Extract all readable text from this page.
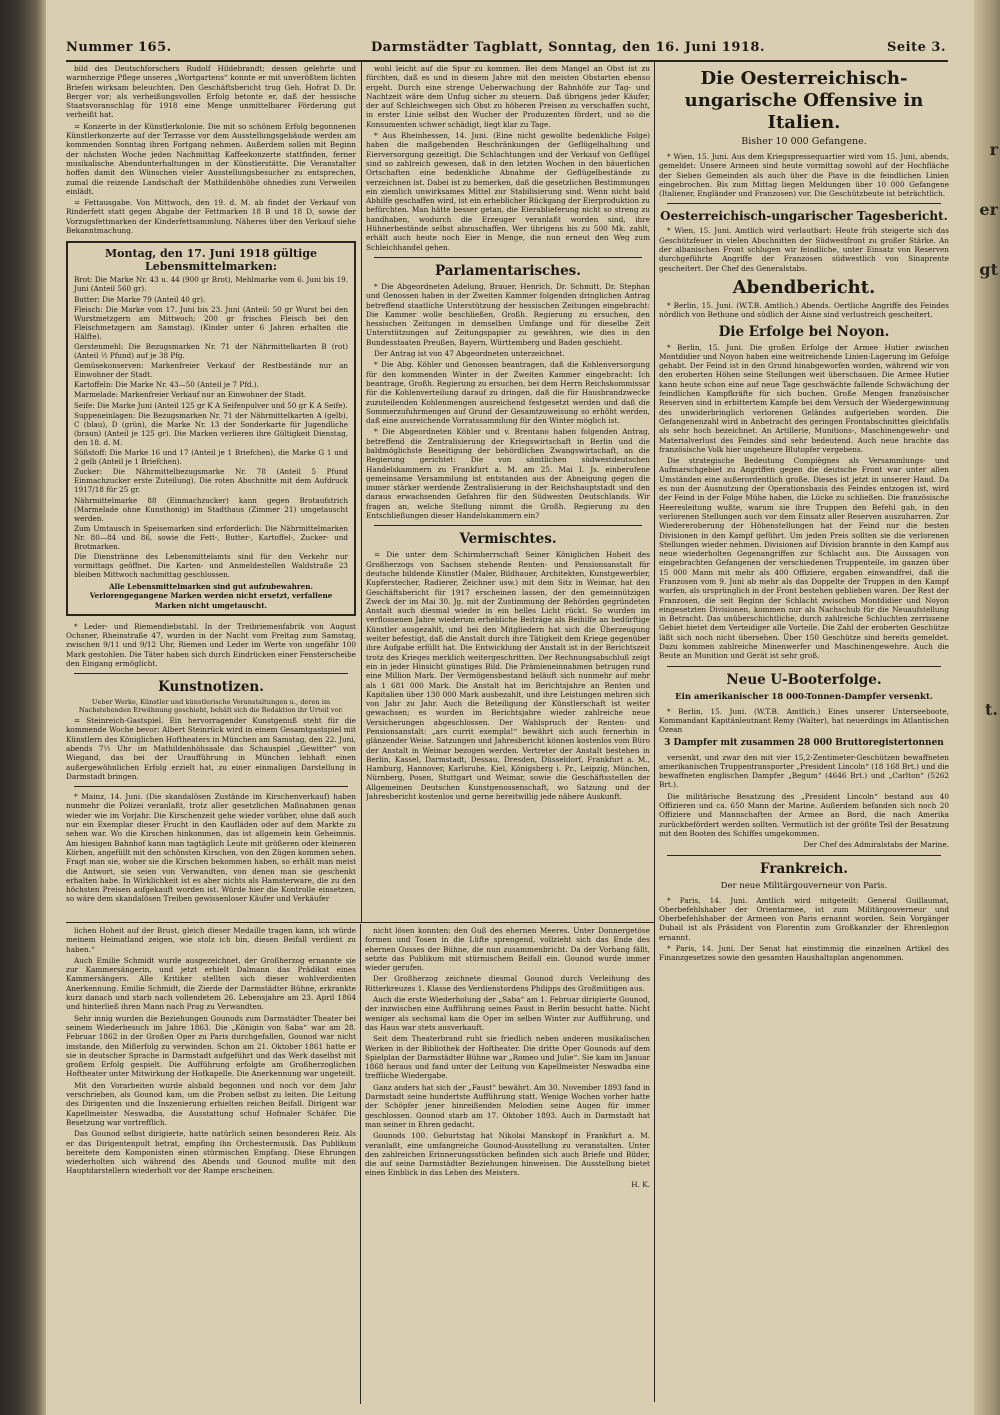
r
er
gt
t.
Nummer 165.	Darmstädter Tagblatt, Sonntag, den 16. Juni 1918.	Seite 3.

bild des Deutschforschers Rudolf Hildebrandt; dessen gelehrte und warmherzige Pflege unseres „Wortgartens“ konnte er mit unverößtem lichten Briefen wirksam beleuchten. Den Geschäftsbericht trug Geh. Hofrat D. Dr. Berger vor; als verheißungsvollen Erfolg betonte er, daß der hessische Staatsvoranschlag für 1918 eine Menge unmittelbarer Förderung gut verheißt hat.

= Konzerte in der Künstlerkolonie. Die mit so schönem Erfolg begonnenen Künstlerkonzerte auf der Terrasse vor dem Ausstellungsgebäude werden am kommenden Sonntag ihren Fortgang nehmen. Außerdem sollen mit Beginn der nächsten Woche jeden Nachmittag Kaffeekonzerte stattfinden, ferner musikalische Abendunterhaltungen in der Künstlerstätte. Die Veranstalter hoffen damit den Wünschen vieler Ausstellungsbesucher zu entsprechen, zumal die reizende Landschaft der Mathildenhöhe ohnedies zum Verweilen einlädt.

= Fettausgabe. Von Mittwoch, den 19. d. M. ab findet der Verkauf von Rinderfett statt gegen Abgabe der Fettmarken 18 B und 18 D, sowie der Vorzugsfettmarken der Kinderfettsammlung. Näheres über den Verkauf siehe Bekanntmachung.

Montag, den 17. Juni 1918 gültige Lebensmittelmarken:
Brot: Die Marke Nr. 43 u. 44 (900 gr Brot), Mehlmarke vom 6. Juni bis 19. Juni (Anteil 560 gr).
Butter: Die Marke 79 (Anteil 40 gr).
Fleisch: Die Marke vom 17. Juni bis 23. Juni (Anteil: 50 gr Wurst bei den Wurstmetzgern am Mittwoch; 200 gr frisches Fleisch bei den Fleischmetzgern am Samstag). (Kinder unter 6 Jahren erhalten die Hälfte).
Gerstenmehl: Die Bezugsmarken Nr. 71 der Nährmittelkarten B (rot) (Anteil ½ Pfund) auf je 38 Pfg.
Gemüsekonserven: Markenfreier Verkauf der Restbestände nur an Einwohner der Stadt.
Kartoffeln: Die Marke Nr. 43—50 (Anteil je 7 Pfd.).
Marmelade: Markenfreier Verkauf nur an Einwohner der Stadt.
Seife: Die Marke Juni (Anteil 125 gr K A Seifenpulver und 50 gr K A Seife).
Suppeneinlagen: Die Bezugsmarken Nr. 71 der Nährmittelkarten A (gelb), C (blau), D (grün), die Marke Nr. 13 der Sonderkarte für Jugendliche (braun) (Anteil je 125 gr). Die Marken verlieren ihre Gültigkeit Dienstag, den 18. d. M.
Süßstoff: Die Marke 16 und 17 (Anteil je 1 Briefchen), die Marke G 1 und 2 gelb (Anteil je 1 Briefchen).
Zucker: Die Nährmittelbezugsmarke Nr. 78 (Anteil 5 Pfund Einmachzucker erste Zuteilung). Die roten Abschnitte mit dem Aufdruck 1917/18 für 25 gr.
Nährmittelmarke 88 (Einmachzucker) kann gegen Brotaufstrich (Marmelade ohne Kunsthonig) im Stadthaus (Zimmer 21) umgetauscht werden.
Zum Umtausch in Speisemarken sind erforderlich: Die Nährmittelmarken Nr. 80—84 und 86, sowie die Fett-, Butter-, Kartoffel-, Zucker- und Brotmarken.
Die Dienstränne des Lebensmittelamts sind für den Verkehr nur vormittags geöffnet. Die Karten- und Anmeldestellen Waldstraße 23 bleiben Mittwoch nachmittag geschlossen.
Alle Lebensmittelmarken sind gut aufzubewahren. Verlorengegangene Marken werden nicht ersetzt, verfallene Marken nicht umgetauscht.

* Leder- und Riemendiebstahl. In der Treibriemenfabrik von August Ochsner, Rheinstraße 47, wurden in der Nacht vom Freitag zum Samstag, zwischen 9/11 und 9/12 Uhr, Riemen und Leder im Werte von ungefähr 100 Mark gestohlen. Die Täter haben sich durch Eindrücken einer Fensterscheibe den Eingang ermöglicht.

Kunstnotizen.

Ueber Werke, Künstler und künstlerische Veranstaltungen u., deren im Nachstehenden Erwähnung geschieht, behält sich die Redaktion ihr Urteil vor.

= Steinreich-Gastspiel. Ein hervorragender Kunstgenuß steht für die kommende Woche bevor: Albert Steinrück wird in einem Gesamtgastspiel mit Künstlern des Königlichen Hoftheaters in München am Samstag, den 22. Juni, abends 7½ Uhr im Mathildenhöhsaale das Schauspiel „Gewitter“ von Wiegand, das bei der Uraufführung in München lebhaft einen außergewöhnlichen Erfolg erzielt hat, zu einer einmaligen Darstellung in Darmstadt bringen.

* Mainz, 14. Juni. (Die skandalösen Zustände im Kirschenverkauf) haben nunmehr die Polizei veranlaßt, trotz aller gesetzlichen Maßnahmen genau wieder wie im Vorjahr. Die Kirschenzeit gehe wieder vorüber, ohne daß auch nur ein Exemplar dieser Frucht in den Kaufläden oder auf dem Markte zu sehen war. Wo die Kirschen hinkommen, das ist allgemein kein Geheimnis. Am hiesigen Bahnhof kann man tagtäglich Leute mit größeren oder kleineren Körben, angefüllt mit den schönsten Kirschen, von den Zügen kommen sehen. Fragt man sie, woher sie die Kirschen bekommen haben, so erhält man meist die Antwort, sie seien von Verwandten, von denen man sie geschenkt erhalten habe. In Wirklichkeit ist es aber nichts als Hamsterware, die zu den höchsten Preisen aufgekauft worden ist. Würde hier die Kontrolle einsetzen, so wäre dem skandalösen Treiben gewissenloser Käufer und Verkäufer

wohl leicht auf die Spur zu kommen. Bei dem Mangel an Obst ist zu fürchten, daß es und in diesem Jahre mit den meisten Obstarten ebenso ergeht. Durch eine strenge Ueberwachung der Bahnhöfe zur Tag- und Nachtzeit wäre dem Unfug sicher zu steuern. Daß übrigens jeder Käufer, der auf Schleichwegen sich Obst zu höheren Preisen zu verschaffen sucht, in erster Linie selbst den Wucher der Produzenten fördert, und so die Konsumenten schwer schädigt, liegt klar zu Tage.

* Aus Rheinhessen, 14. Juni. (Eine nicht gewollte bedenkliche Folge) haben die maßgebenden Beschränkungen der Geflügelhaltung und Eierversorgung gezeitigt. Die Schlachtungen und der Verkauf von Geflügel sind so zahlreich gewesen, daß in den letzten Wochen in den bäuerlichen Ortschaften eine bedenkliche Abnahme der Geflügelbestände zu verzeichnen ist. Dabei ist zu bemerken, daß die gesetzlichen Bestimmungen ein ziemlich unwirksames Mittel zur Stabilisierung sind. Wenn nicht bald Abhilfe geschaffen wird, ist ein erheblicher Rückgang der Eierproduktion zu befürchten. Man hätte besser getan, die Eierablieferung nicht so streng zu handhaben, wodurch die Erzeuger veranlaßt worden sind, ihre Hühnerbestände selbst abzuschaffen. Wer übrigens bis zu 500 Mk. zahlt, erhält auch heute noch Eier in Menge, die nun erneut den Weg zum Schleichhandel gehen.

Parlamentarisches.

* Die Abgeordneten Adelung, Brauer, Henrich, Dr. Schmitt, Dr. Stephan und Genossen haben in der Zweiten Kammer folgenden dringlichen Antrag betreffend staatliche Unterstützung der hessischen Zeitungen eingebracht: Die Kammer wolle beschließen, Großh. Regierung zu ersuchen, den hessischen Zeitungen in demselben Umfange und für dieselbe Zeit Unterstützungen auf Zeitungspapier zu gewähren, wie dies in den Bundesstaaten Preußen, Bayern, Württemberg und Baden geschieht.

Der Antrag ist von 47 Abgeordneten unterzeichnet.

* Die Abg. Köhler und Genossen beantragen, daß die Kohlenversorgung für den kommenden Winter in der Zweiten Kammer eingebracht: Ich beantrage, Großh. Regierung zu ersuchen, bei dem Herrn Reichskommissar für die Kohlenverteilung darauf zu dringen, daß die für Hausbrandzwecke zuzuteilenden Kohlenmengen ausreichend festgesetzt werden und daß die Sommerzufuhrmengen auf Grund der Gesamtzuweisung so erhöht werden, daß eine ausreichende Vorratssammlung für den Winter möglich ist.

* Die Abgeordneten Köhler und v. Brentano haben folgenden Antrag, betreffend die Zentralisierung der Kriegswirtschaft in Berlin und die baldmöglichste Beseitigung der behördlichen Zwangswirtschaft, an die Regierung gerichtet: Die von sämtlichen südwestdeutschen Handelskammern zu Frankfurt a. M. am 25. Mai I. Js. einberufene gemeinsame Versammlung ist entstanden aus der Abneigung gegen die immer stärker werdende Zentralisierung in der Reichshauptstadt und den daraus erwachsenden Gefahren für den Südwesten Deutschlands. Wir fragen an, welche Stellung nimmt die Großh. Regierung zu den Entschließungen dieser Handelskammern ein?

Vermischtes.

= Die unter dem Schirmherrschaft Seiner Königlichen Hoheit des Großherzogs von Sachsen stehende Renten- und Pensionsanstalt für deutsche bildende Künstler (Maler, Bildhauer, Architekten, Kunstgewerbler, Kupferstecher, Radierer, Zeichner usw.) mit dem Sitz in Weimar, hat den Geschäftsbericht für 1917 erscheinen lassen, der den gemeinnützigen Zweck der im Mai 30. Jg. mit der Zustimmung der Behörden gegründeten Anstalt auch diesmal wieder in ein helles Licht rückt. So wurden im verflossenen Jahre wiederum erhebliche Beiträge als Beihilfe an bedürftige Künstler ausgezahlt, und bei den Mitgliedern hat sich die Überzeugung weiter befestigt, daß die Anstalt durch ihre Tätigkeit dem Kriege gegenüber ihre Aufgabe erfüllt hat. Die Entwicklung der Anstalt ist in der Berichtszeit trotz des Krieges merklich weitergeschritten. Der Rechnungsabschluß zeigt ein in jeder Hinsicht günstiges Bild. Die Prämieneinnahmen betrugen rund eine Million Mark. Der Vermögensbestand beläuft sich nunmehr auf mehr als 1 681 000 Mark. Die Anstalt hat im Berichtsjahre an Renten und Kapitalien über 130 000 Mark ausbezahlt, und ihre Leistungen mehren sich von Jahr zu Jahr. Auch die Beteiligung der Künstlerschaft ist weiter gewachsen; es wurden im Berichtsjahre wieder zahlreiche neue Versicherungen abgeschlossen. Der Wahlspruch der Renten- und Pensionsanstalt: „ars currit exempla!“ bewährt sich auch fernerhin in glänzender Weise. Satzungen und Jahresbericht können kostenlos vom Büro der Anstalt in Weimar bezogen werden. Vertreter der Anstalt bestehen in Berlin, Kassel, Darmstadt, Dessau, Dresden, Düsseldorf, Frankfurt a. M., Hamburg, Hannover, Karlsruhe, Kiel, Königsberg i. Pr., Leipzig, München, Nürnberg, Posen, Stuttgart und Weimar, sowie die Geschäftsstellen der Allgemeinen Deutschen Kunstgenossenschaft, wo Satzung und der Jahresbericht kostenlos und gerne bereitwillig jede nähere Auskunft.

Die Oesterreichisch-ungarische Offensive in Italien.
Bisher 10 000 Gefangene.

* Wien, 15. Juni. Aus dem Kriegspressequartier wird vom 15. Juni, abends, gemeldet: Unsere Armeen sind heute vormittag sowohl auf der Hochfläche der Sieben Gemeinden als auch über die Piave in die feindlichen Linien eingebrochen. Bis zum Mittag liegen Meldungen über 10 000 Gefangene (Italiener, Engländer und Franzosen) vor. Die Geschützbeute ist beträchtlich.

Oesterreichisch-ungarischer Tagesbericht.

* Wien, 15. Juni. Amtlich wird verlautbart: Heute früh steigerte sich das Geschützfeuer in vielen Abschnitten der Südwestfront zu großer Stärke. An der albanischen Front schlugen wir feindliche, unter Einsatz von Reserven durchgeführte Angriffe der Franzosen südwestlich von Sinaprente gescheitert. Der Chef des Generalstabs.

Abendbericht.

* Berlin, 15. Juni. (W.T.B. Amtlich.) Abends. Oertliche Angriffe des Feindes nördlich von Bethune und südlich der Aisne sind verlustreich gescheitert.

Die Erfolge bei Noyon.

* Berlin, 15. Juni. Die großen Erfolge der Armee Hutier zwischen Montdidier und Noyon haben eine weitreichende Linien-Lagerung im Gefolge gehabt. Der Feind ist in den Grund hinabgeworfen worden, während wir von den eroberten Höhen seine Stellungen weit überschauen. Die Armee Hutier kann heute schon eine auf neue Tage geschwächte fallende Schwächung der feindlichen Kampfkräfte für sich buchen. Große Mengen französischer Reserven sind in erbittertem Kampfe bei dem Versuch der Wiedergewinnung des unwiderbringlich verlorenen Geländes aufgerieben worden. Die Gefangenenzahl wird in Anbetracht des geringen Frontabschnittes gleichfalls als sehr hoch bezeichnet. An Artillerie, Munitions-, Maschinengewehr- und Materialverlust des Feindes sind sehr bedeutend. Auch neue brachte das französische Volk hier ungeheure Blutopfer vergebens.

Die strategische Bedeutung Compiègnes als Versammlungs- und Aufmarschgebiet zu Angriffen gegen die deutsche Front war unter allen Umständen eine außerordentlich große. Dieses ist jetzt in unserer Hand. Da es nun der Ausnutzung der Operationsbasis des Feindes entzogen ist, wird der Feind in der Folge Mühe haben, die Lücke zu schließen. Die französische Heeresleitung wußte, warum sie ihre Truppen den Befehl gab, in den verlorenen Stellungen auch vor dem Einsatz aller Reserven auszuharren. Zur Wiedereroberung der Höhenstellungen hat der Feind nur die besten Divisionen in den Kampf geführt. Um jeden Preis sollten sie die verlorenen Stellungen wieder nehmen. Divisionen auf Division brannte in den Kampf aus neue wiederholten Gegenangriffen zur Schlacht aus. Die Aussagen von eingebrachten Gefangenen der verschiedenen Truppenteile, im ganzen über 15 000 Mann mit mehr als 400 Offiziere, ergaben einwandfrei, daß die Franzosen vom 9. Juni ab mehr als das Doppelte der Truppen in den Kampf warfen, als ursprünglich in der Front bestehen geblieben waren. Der Rest der Franzosen, die seit Beginn der Schlacht zwischen Montdidier und Noyon eingesetzten Divisionen, kommen nur als Nachschub für die Neuaufstellung in Betracht. Das unüberschichtliche, durch zahlreiche Schluchten zerrissene Gebiet bietet dem Verteidiger alle Vorteile. Die Zahl der eroberten Geschütze läßt sich noch nicht übersehen. Über 150 Geschütze sind bereits gemeldet. Dazu kommen zahlreiche Minenwerfer und Maschinengewehre. Auch die Beute an Munition und Gerät ist sehr groß.

Neue U-Booterfolge.
Ein amerikanischer 18 000-Tonnen-Dampfer versenkt.

* Berlin, 15. Juni. (W.T.B. Amtlich.) Eines unserer Unterseeboote, Kommandant Kapitänleutnant Remy (Walter), hat neuerdings im Atlantischen Ozean

3 Dampfer mit zusammen 28 000 Bruttoregistertonnen

versenkt, und zwar den mit vier 15,2-Zentimeter-Geschützen bewaffneten amerikanischen Truppentransporter „President Lincoln“ (18 168 Brt.) und die bewaffneten englischen Dampfer „Begum“ (4646 Brt.) und „Carlton“ (5262 Brt.).

Die militärische Besatzung des „President Lincoln“ bestand aus 40 Offizieren und ca. 650 Mann der Marine. Außerdem befanden sich noch 20 Offiziere und Mannschaften der Armee an Bord, die nach Amerika zurückbefördert werden sollten. Vermutlich ist der größte Teil der Besatzung mit den Booten des Schiffes umgekommen.

Der Chef des Admiralstabs der Marine.

Frankreich.
Der neue Militärgouverneur von Paris.

* Paris, 14. Juni. Amtlich wird mitgeteilt: General Guillaumat, Oberbefehlshaber der Orientarmee, ist zum Militärgouverneur und Oberbefehlshaber der Armeen von Paris ernannt worden. Sein Vorgänger Dubail ist als Präsident von Florentin zum Großkanzler der Ehrenlegion ernannt.

* Paris, 14. Juni. Der Senat hat einstimmig die einzelnen Artikel des Finanzgesetzes sowie den gesamten Haushaltsplan angenommen.

lichen Hoheit auf der Brust, gleich dieser Medaille tragen kann, ich würde meinem Heimatland zeigen, wie stolz ich bin, diesen Beifall verdient zu haben.“

Auch Emilie Schmidt wurde ausgezeichnet, der Großherzog ernannte sie zur Kammersängerin, und jetzt erhielt Dalmann das Prädikat eines Kammersängers. Alle Kritiker stellten sich dieser wohlverdienten Anerkennung. Emilie Schmidt, die Zierde der Darmstädter Bühne, erkrankte kurz danach und starb nach vollendetem 26. Lebensjahre am 23. April 1864 und hinterließ ihren Mann nach Prag zu Verwandten.

Sehr innig wurden die Beziehungen Gounods zum Darmstädter Theater bei seinem Wiederbesuch im Jahre 1863. Die „Königin von Saba“ war am 28. Februar 1862 in der Großen Oper zu Paris durchgefallen, Gounod war nicht imstande, den Mißerfolg zu verwinden. Schon am 21. Oktober 1861 hatte er sie in deutscher Sprache in Darmstadt aufgeführt und das Werk daselbst mit großem Erfolg gespielt. Die Aufführung erfolgte am Großherzoglichen Hoftheater unter Mitwirkung der Hofkapelle. Die Anerkennung war ungeteilt.

Mit den Vorarbeiten wurde alsbald begonnen und noch vor dem Jahr verschrieben, als Gounod kam, um die Proben selbst zu leiten. Die Leitung des Dirigenten und die Inszenierung erhielten reichen Beifall. Dirigent war Kapellmeister Neswadba, die Ausstattung schuf Hofmaler Schäfer. Die Besetzung war vortrefflich.

Das Gounod selbst dirigierte, hatte natürlich seinen besonderen Reiz. Als er das Dirigentenpult betrat, empfing ihn Orchestermusik. Das Publikum bereitete dem Komponisten einen stürmischen Empfang. Diese Ehrungen wiederholten sich während des Abends und Gounod mußte mit den Hauptdarstellern wiederholt vor der Rampe erscheinen.

nicht lösen konnten: den Guß des ehernen Meeres. Unter Donnergetöse formen und Tosen in die Lüfte sprengend, vollzieht sich das Ende des ehernen Gusses der Bühne, die nun zusammenbricht. Da der Vorhang fällt, setzte das Publikum mit stürmischem Beifall ein. Gounod wurde immer wieder gerufen.

Der Großherzog zeichnete diesmal Gounod durch Verleihung des Ritterkreuzes 1. Klasse des Verdienstordens Philipps des Großmütigen aus.

Auch die erste Wiederholung der „Saba“ am 1. Februar dirigierte Gounod, der inzwischen eine Aufführung seines Faust in Berlin besucht hatte. Nicht weniger als sechsmal kam die Oper im selben Winter zur Aufführung, und das Haus war stets ausverkauft.

Seit dem Theaterbrand ruht sie friedlich neben anderen musikalischen Werken in der Bibliothek der Hoftheater. Die dritte Oper Gounods auf dem Spielplan der Darmstädter Bühne war „Romeo und Julie“. Sie kam im Januar 1868 heraus und fand unter der Leitung von Kapellmeister Neswadba eine treffliche Wiedergabe.

Ganz anders hat sich der „Faust“ bewährt. Am 30. November 1893 fand in Darmstadt seine hundertste Aufführung statt. Wenige Wochen vorher hatte der Schöpfer jener hinreißenden Melodien seine Augen für immer geschlossen. Gounod starb am 17. Oktober 1893. Auch in Darmstadt hat man seiner in Ehren gedacht.

Gounods 100. Geburtstag hat Nikolai Manskopf in Frankfurt a. M. veranlaßt, eine umfangreiche Gounod-Ausstellung zu veranstalten. Unter den zahlreichen Erinnerungsstücken befinden sich auch Briefe und Bilder, die auf seine Darmstädter Beziehungen hinweisen. Die Ausstellung bietet einen Einblick in das Leben des Meisters.

H. K.
